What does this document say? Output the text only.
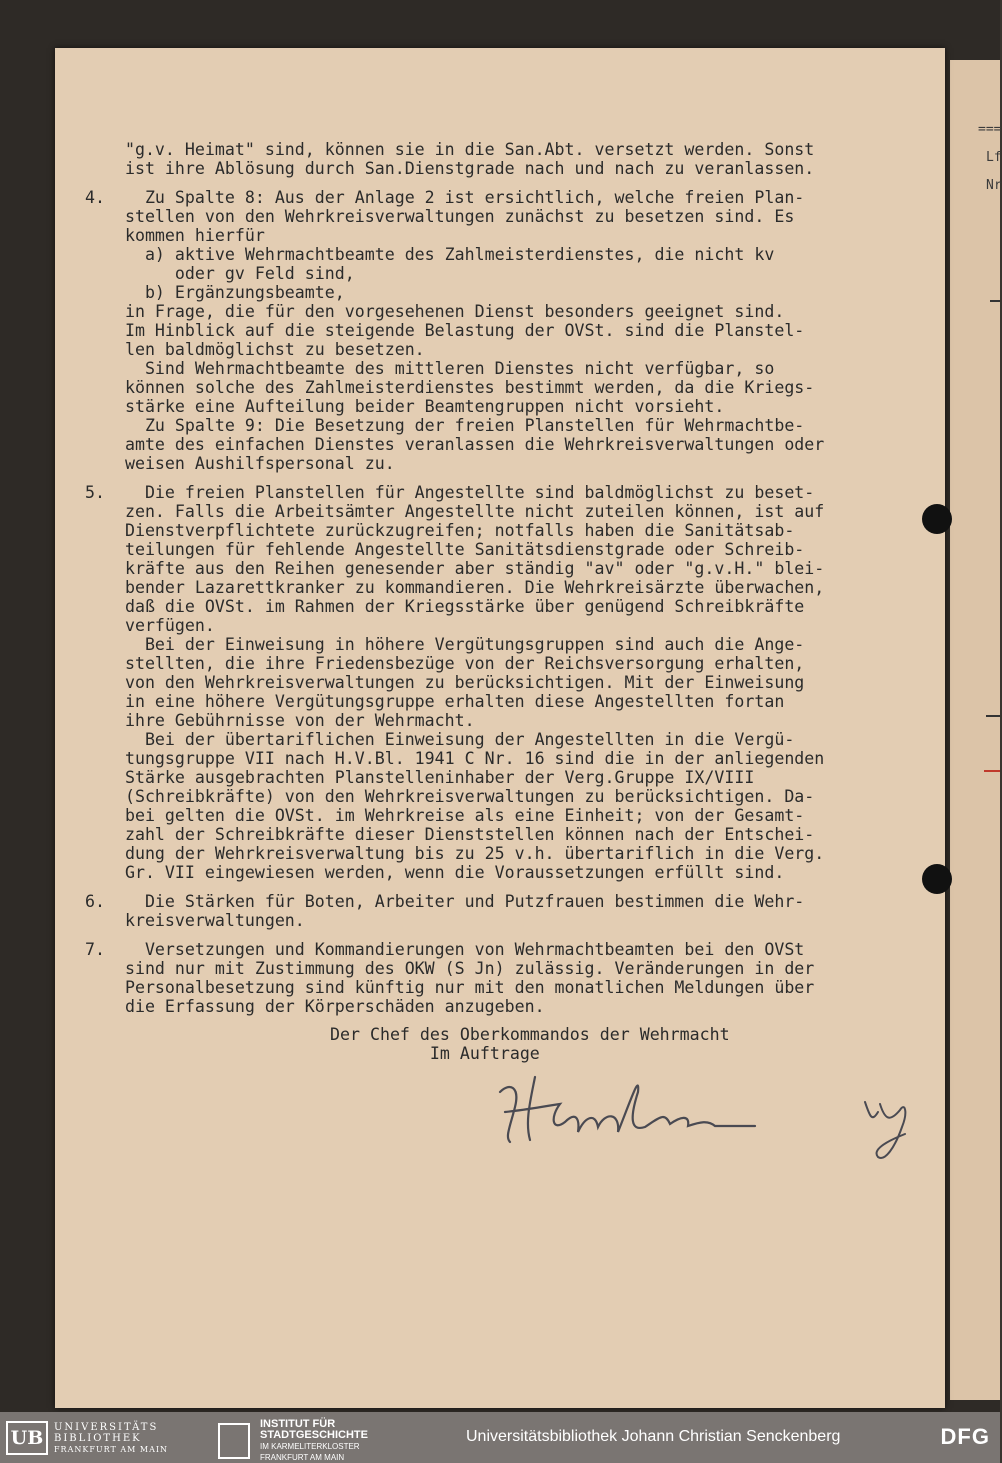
===
Lf
Nr
"g.v. Heimat" sind, können sie in die San.Abt. versetzt werden. Sonst
ist ihre Ablösung durch San.Dienstgrade nach und nach zu veranlassen.
4.    Zu Spalte 8: Aus der Anlage 2 ist ersichtlich, welche freien Plan-
stellen von den Wehrkreisverwaltungen zunächst zu besetzen sind. Es
kommen hierfür
a) aktive Wehrmachtbeamte des Zahlmeisterdienstes, die nicht kv
oder gv Feld sind,
b) Ergänzungsbeamte,
in Frage, die für den vorgesehenen Dienst besonders geeignet sind.
Im Hinblick auf die steigende Belastung der OVSt. sind die Planstel-
len baldmöglichst zu besetzen.
Sind Wehrmachtbeamte des mittleren Dienstes nicht verfügbar, so
können solche des Zahlmeisterdienstes bestimmt werden, da die Kriegs-
stärke eine Aufteilung beider Beamtengruppen nicht vorsieht.
Zu Spalte 9: Die Besetzung der freien Planstellen für Wehrmachtbe-
amte des einfachen Dienstes veranlassen die Wehrkreisverwaltungen oder
weisen Aushilfspersonal zu.
5.    Die freien Planstellen für Angestellte sind baldmöglichst zu beset-
zen. Falls die Arbeitsämter Angestellte nicht zuteilen können, ist auf
Dienstverpflichtete zurückzugreifen; notfalls haben die Sanitätsab-
teilungen für fehlende Angestellte Sanitätsdienstgrade oder Schreib-
kräfte aus den Reihen genesender aber ständig "av" oder "g.v.H." blei-
bender Lazarettkranker zu kommandieren. Die Wehrkreisärzte überwachen,
daß die OVSt. im Rahmen der Kriegsstärke über genügend Schreibkräfte
verfügen.
Bei der Einweisung in höhere Vergütungsgruppen sind auch die Ange-
stellten, die ihre Friedensbezüge von der Reichsversorgung erhalten,
von den Wehrkreisverwaltungen zu berücksichtigen. Mit der Einweisung
in eine höhere Vergütungsgruppe erhalten diese Angestellten fortan
ihre Gebührnisse von der Wehrmacht.
Bei der übertariflichen Einweisung der Angestellten in die Vergü-
tungsgruppe VII nach H.V.Bl. 1941 C Nr. 16 sind die in der anliegenden
Stärke ausgebrachten Planstelleninhaber der Verg.Gruppe IX/VIII
(Schreibkräfte) von den Wehrkreisverwaltungen zu berücksichtigen. Da-
bei gelten die OVSt. im Wehrkreise als eine Einheit; von der Gesamt-
zahl der Schreibkräfte dieser Dienststellen können nach der Entschei-
dung der Wehrkreisverwaltung bis zu 25 v.h. übertariflich in die Verg.
Gr. VII eingewiesen werden, wenn die Voraussetzungen erfüllt sind.
6.    Die Stärken für Boten, Arbeiter und Putzfrauen bestimmen die Wehr-
kreisverwaltungen.
7.    Versetzungen und Kommandierungen von Wehrmachtbeamten bei den OVSt
sind nur mit Zustimmung des OKW (S Jn) zulässig. Veränderungen in der
Personalbesetzung sind künftig nur mit den monatlichen Meldungen über
die Erfassung der Körperschäden anzugeben.
Der Chef des Oberkommandos der Wehrmacht
Im Auftrage
UB	UNIVERSITÄTS
BIBLIOTHEK
FRANKFURT AM MAIN
INSTITUT FÜR
STADTGESCHICHTE
IM KARMELITERKLOSTER
FRANKFURT AM MAIN
Universitätsbibliothek Johann Christian Senckenberg	DFG
